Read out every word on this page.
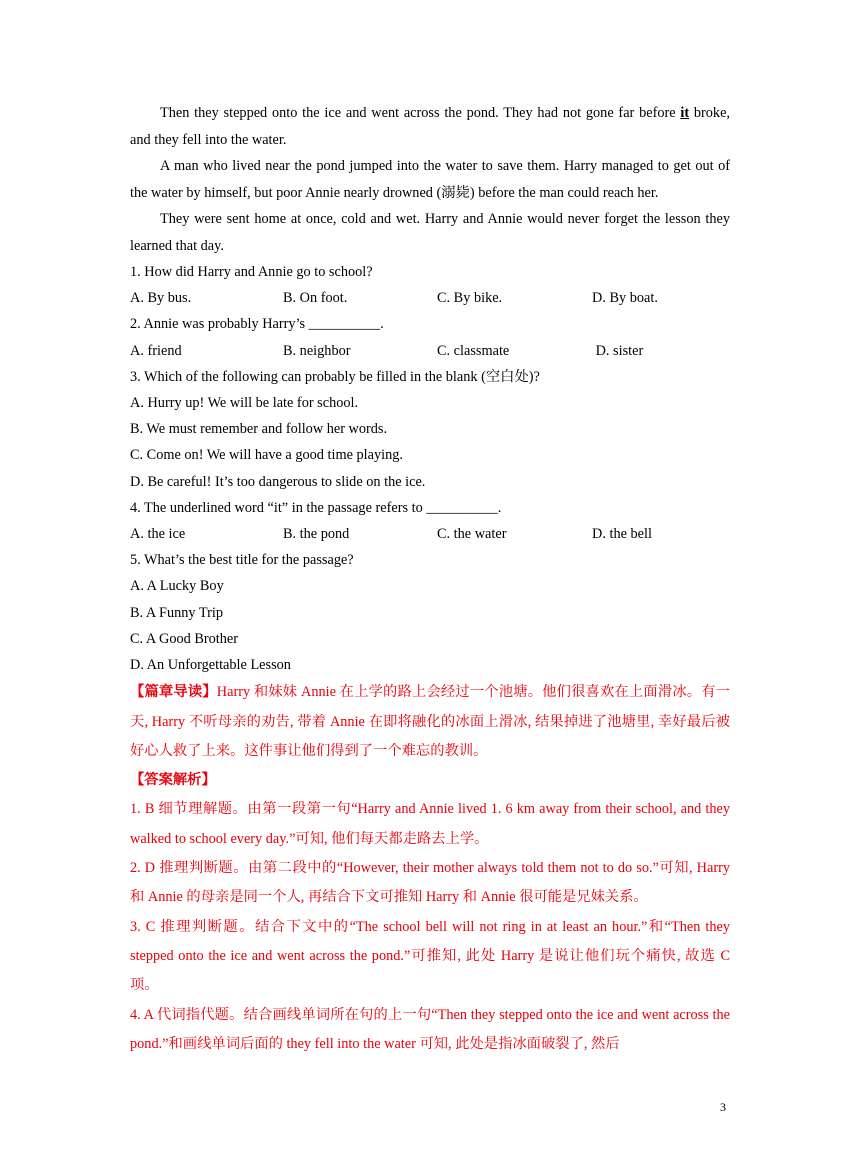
Then they stepped onto the ice and went across the pond. They had not gone far before it broke, and they fell into the water.

A man who lived near the pond jumped into the water to save them. Harry managed to get out of the water by himself, but poor Annie nearly drowned (溺毙) before the man could reach her.

They were sent home at once, cold and wet. Harry and Annie would never forget the lesson they learned that day.

1. How did Harry and Annie go to school?

A. By bus.	B. On foot.	C. By bike.	D. By boat.

2. Annie was probably Harry’s __________.

A. friend	B. neighbor	C. classmate	D. sister

3. Which of the following can probably be filled in the blank (空白处)?

A. Hurry up! We will be late for school.

B. We must remember and follow her words.

C. Come on! We will have a good time playing.

D. Be careful! It’s too dangerous to slide on the ice.

4. The underlined word “it” in the passage refers to __________.

A. the ice	B. the pond	C. the water	D. the bell

5. What’s the best title for the passage?

A. A Lucky Boy

B. A Funny Trip

C. A Good Brother

D. An Unforgettable Lesson

【篇章导读】Harry 和妹妹 Annie 在上学的路上会经过一个池塘。他们很喜欢在上面滑冰。有一天, Harry 不听母亲的劝告, 带着 Annie 在即将融化的冰面上滑冰, 结果掉进了池塘里, 幸好最后被好心人救了上来。这件事让他们得到了一个难忘的教训。

【答案解析】

1. B 细节理解题。由第一段第一句“Harry and Annie lived 1. 6 km away from their school, and they walked to school every day.”可知, 他们每天都走路去上学。

2. D 推理判断题。由第二段中的“However, their mother always told them not to do so.”可知, Harry 和 Annie 的母亲是同一个人, 再结合下文可推知 Harry 和 Annie 很可能是兄妹关系。

3. C 推理判断题。结合下文中的“The school bell will not ring in at least an hour.”和“Then they stepped onto the ice and went across the pond.”可推知, 此处 Harry 是说让他们玩个痛快, 故选 C 项。

4. A 代词指代题。结合画线单词所在句的上一句“Then they stepped onto the ice and went across the pond.”和画线单词后面的 they fell into the water 可知, 此处是指冰面破裂了, 然后

3
